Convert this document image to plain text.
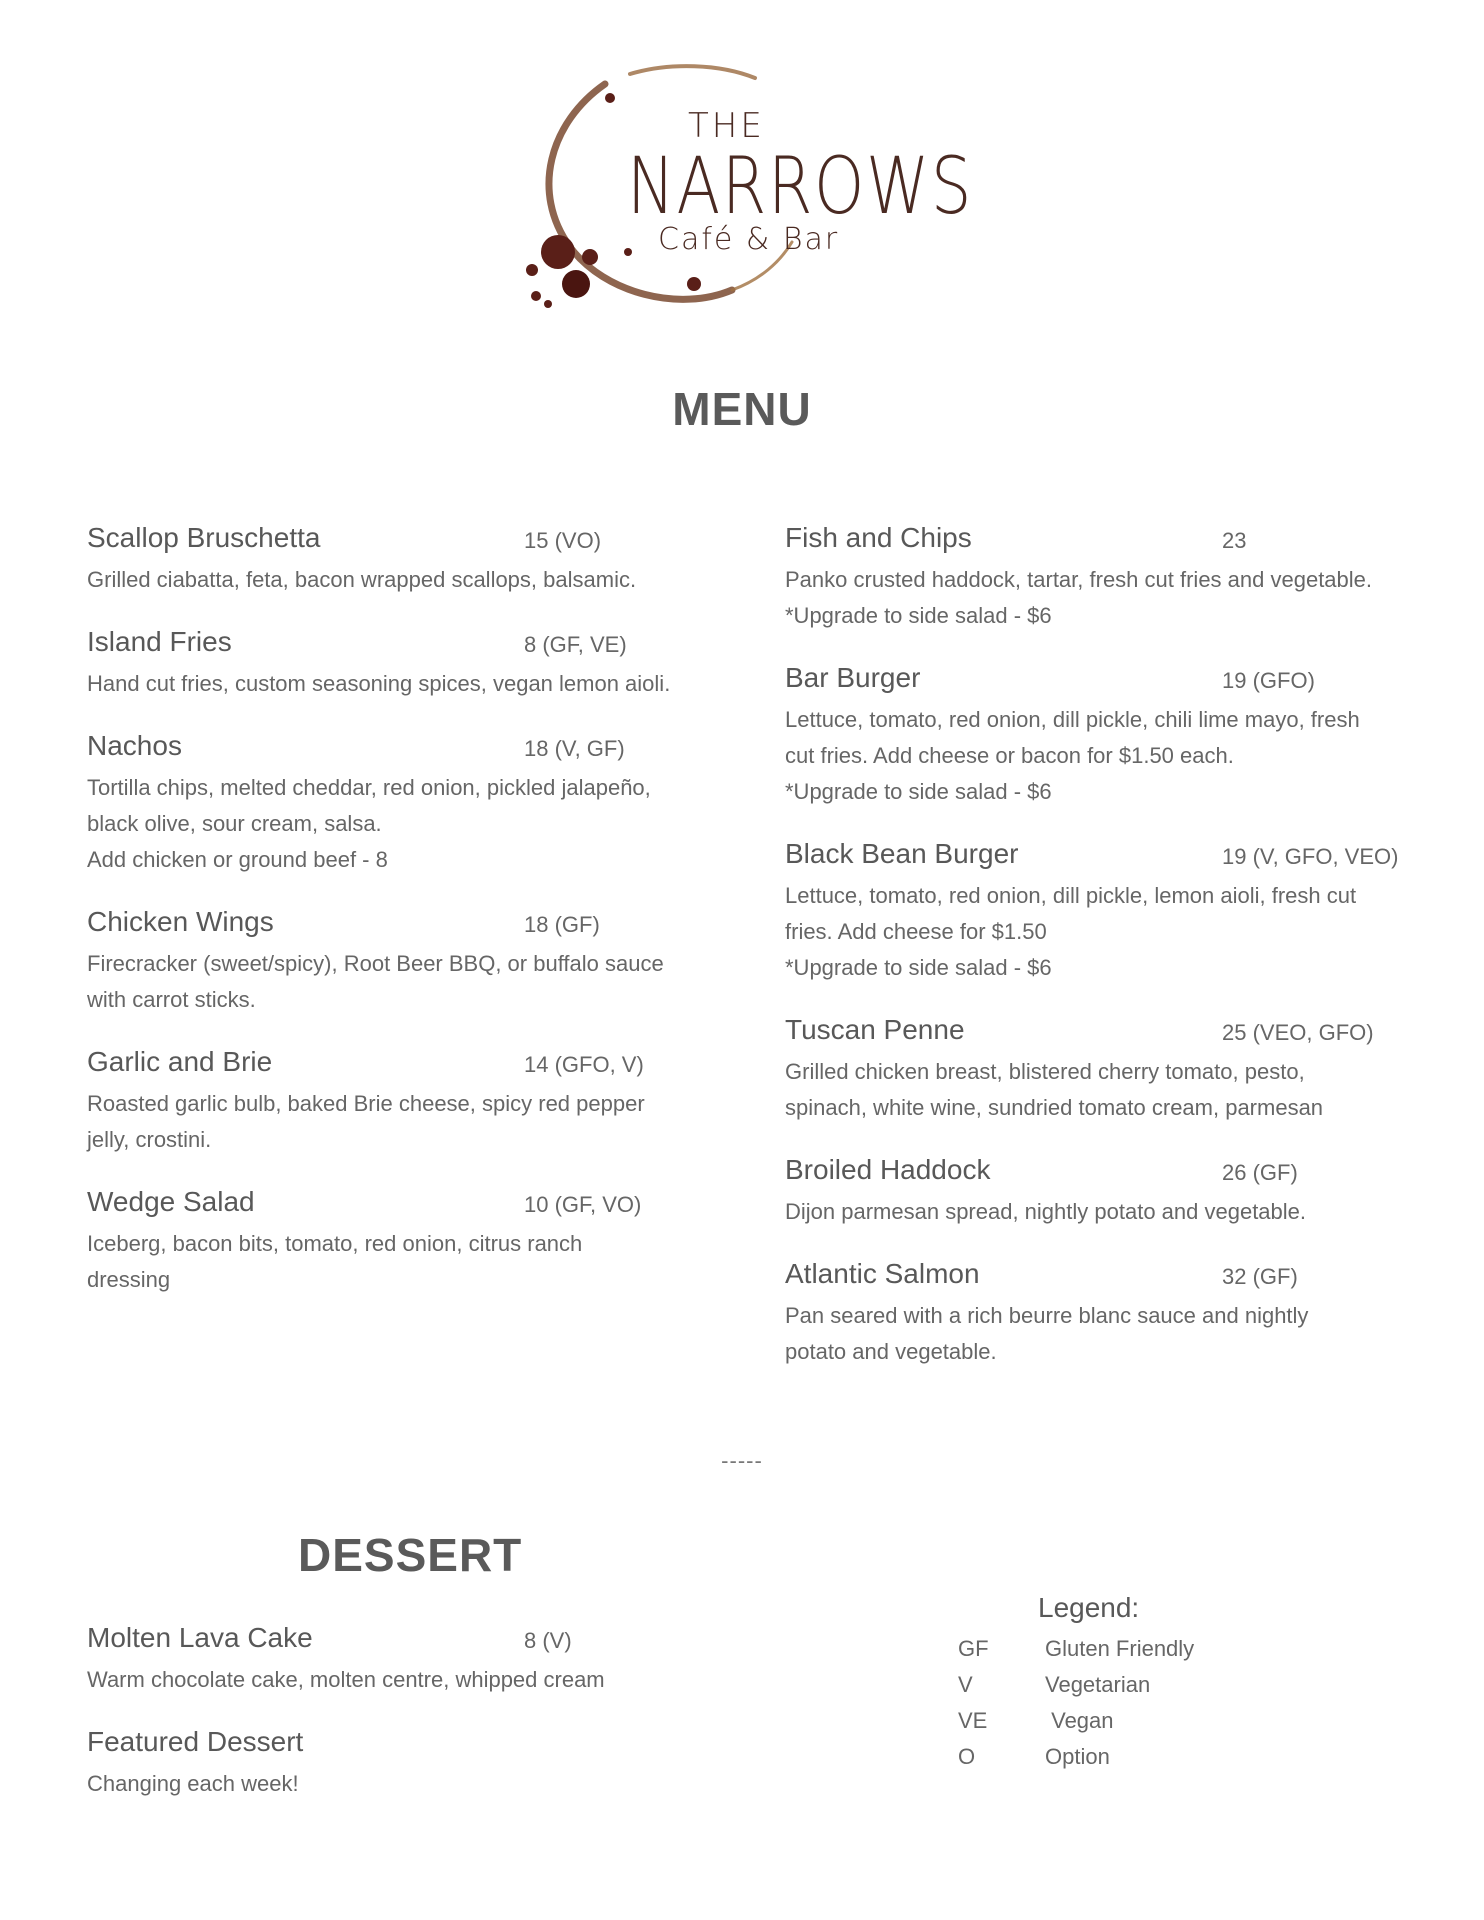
THE
NARROWS
Café & Bar
MENU
Scallop Bruschetta	15 (VO)
Grilled ciabatta, feta, bacon wrapped scallops, balsamic.
Island Fries	8 (GF, VE)
Hand cut fries, custom seasoning spices, vegan lemon aioli.
Nachos	18 (V, GF)
Tortilla chips, melted cheddar, red onion, pickled jalapeño,
black olive, sour cream, salsa.
Add chicken or ground beef - 8
Chicken Wings	18 (GF)
Firecracker (sweet/spicy), Root Beer BBQ, or buffalo sauce
with carrot sticks.
Garlic and Brie	14 (GFO, V)
Roasted garlic bulb, baked Brie cheese, spicy red pepper
jelly, crostini.
Wedge Salad	10 (GF, VO)
Iceberg, bacon bits, tomato, red onion, citrus ranch
dressing
Fish and Chips	23
Panko crusted haddock, tartar, fresh cut fries and vegetable.
*Upgrade to side salad - $6
Bar Burger	19 (GFO)
Lettuce, tomato, red onion, dill pickle, chili lime mayo, fresh
cut fries. Add cheese or bacon for $1.50 each.
*Upgrade to side salad - $6
Black Bean Burger	19 (V, GFO, VEO)
Lettuce, tomato, red onion, dill pickle, lemon aioli, fresh cut
fries. Add cheese for $1.50
*Upgrade to side salad - $6
Tuscan Penne	25 (VEO, GFO)
Grilled chicken breast, blistered cherry tomato, pesto,
spinach, white wine, sundried tomato cream, parmesan
Broiled Haddock	26 (GF)
Dijon parmesan spread, nightly potato and vegetable.
Atlantic Salmon	32 (GF)
Pan seared with a rich beurre blanc sauce and nightly
potato and vegetable.
-----
DESSERT
Molten Lava Cake	8 (V)
Warm chocolate cake, molten centre, whipped cream
Featured Dessert
Changing each week!
Legend:
GF	Gluten Friendly
V	Vegetarian
VE	Vegan
O	Option
